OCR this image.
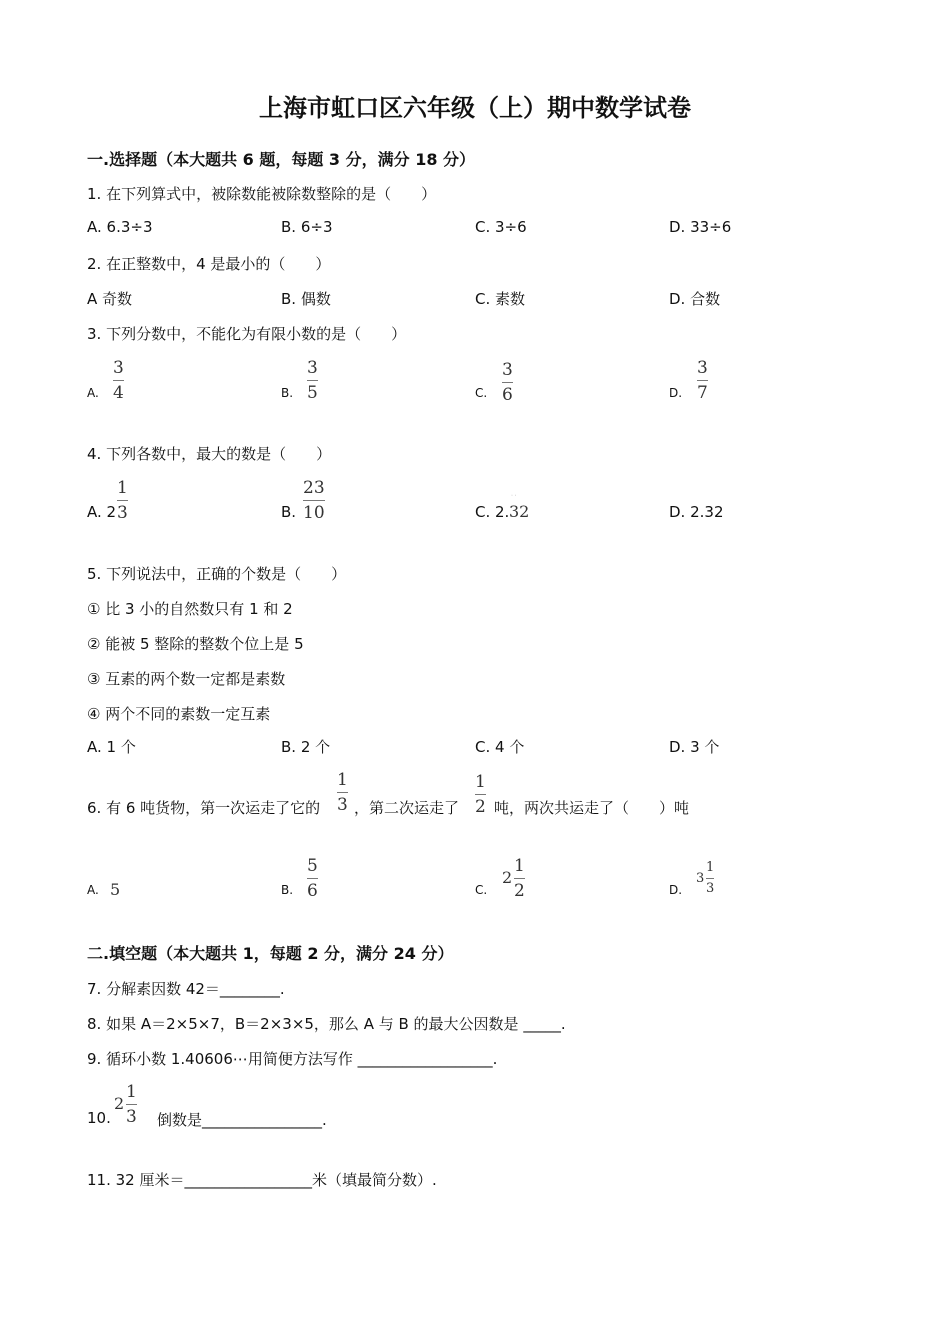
上海市虹口区六年级（上）期中数学试卷
一.选择题（本大题共 6 题，每题 3 分，满分 18 分）
1. 在下列算式中，被除数能被除数整除的是（　　）
A. 6.3÷3	B. 6÷3	C. 3÷6	D. 33÷6
2. 在正整数中，4 是最小的（　　）
A 奇数	B. 偶数	C. 素数	D. 合数
3. 下列分数中，不能化为有限小数的是（　　）
A.
3
4	B.
3
5	C.
3
6	D.
3
7
4. 下列各数中，最大的数是（　　）
A. 2
1
3	B.
23
10	C. 2.
· ·
32	D. 2.32
5. 下列说法中，正确的个数是（　　）
① 比 3 小的自然数只有 1 和 2
② 能被 5 整除的整数个位上是 5
③ 互素的两个数一定都是素数
④ 两个不同的素数一定互素
A. 1 个	B. 2 个	C. 4 个	D. 3 个
6. 有 6 吨货物，第一次运走了它的
1
3 ，第二次运走了
1
2 吨，两次共运走了（　　）吨
A. 5	B.
5
6	C.
2
1
2	D.
3
1
3
二.填空题（本大题共 1，每题 2 分，满分 24 分）
7. 分解素因数 42＝________.
8. 如果 A＝2×5×7，B＝2×3×5，那么 A 与 B 的最大公因数是 _____.
9. 循环小数 1.40606⋯用简便方法写作 __________________.
10.
2
1
3 倒数是________________.
11. 32 厘米＝_________________米（填最简分数）.
